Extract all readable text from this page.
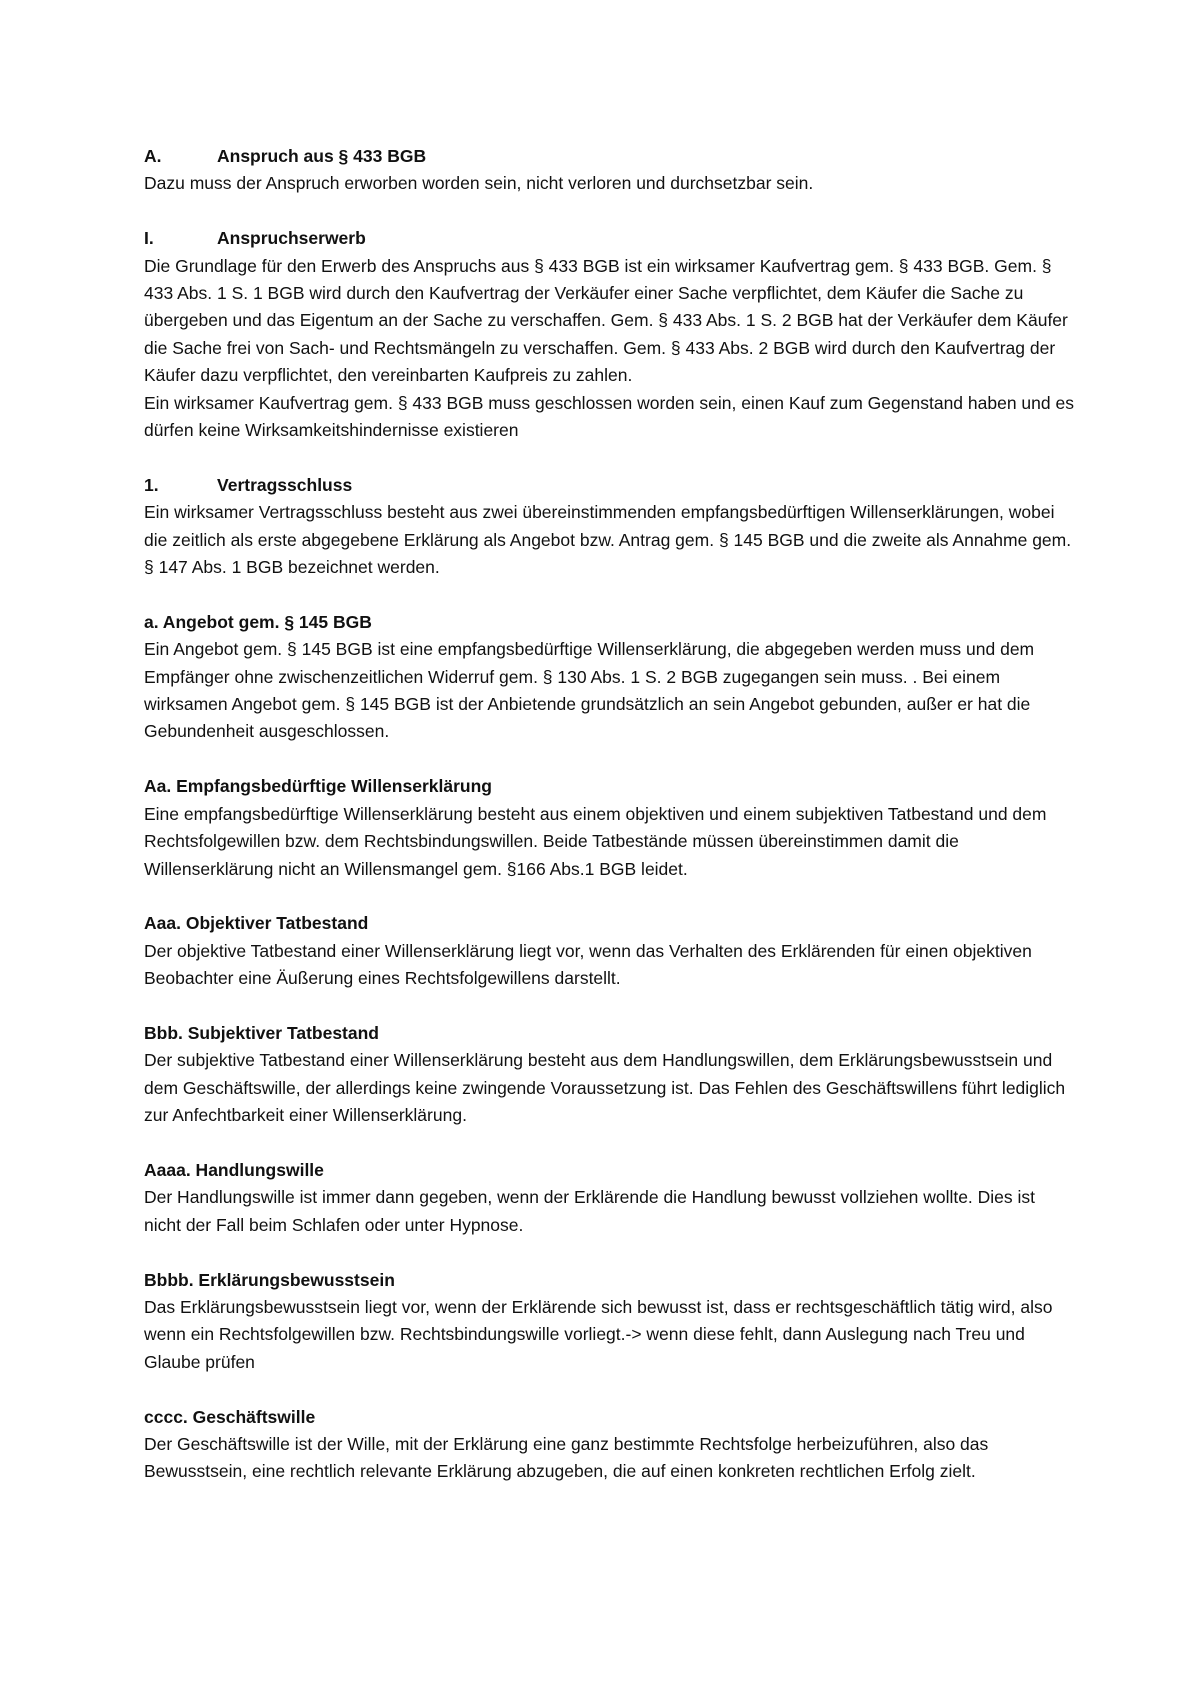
A.	Anspruch aus § 433 BGB

Dazu muss der Anspruch erworben worden sein, nicht verloren und durchsetzbar sein.

I.	Anspruchserwerb

Die Grundlage für den Erwerb des Anspruchs aus § 433 BGB ist ein wirksamer Kaufvertrag gem. § 433 BGB. Gem. § 433 Abs. 1 S. 1 BGB wird durch den Kaufvertrag der Verkäufer einer Sache verpflichtet, dem Käufer die Sache zu übergeben und das Eigentum an der Sache zu verschaffen. Gem. § 433 Abs. 1 S. 2 BGB hat der Verkäufer dem Käufer die Sache frei von Sach- und Rechtsmängeln zu verschaffen. Gem. § 433 Abs. 2 BGB wird durch den Kaufvertrag der Käufer dazu verpflichtet, den vereinbarten Kaufpreis zu zahlen.

Ein wirksamer Kaufvertrag gem. § 433 BGB muss geschlossen worden sein, einen Kauf zum Gegenstand haben und es dürfen keine Wirksamkeitshindernisse existieren

1.	Vertragsschluss

Ein wirksamer Vertragsschluss besteht aus zwei übereinstimmenden empfangsbedürftigen Willenserklärungen, wobei die zeitlich als erste abgegebene Erklärung als Angebot bzw. Antrag gem. § 145 BGB und die zweite als Annahme gem. § 147 Abs. 1 BGB bezeichnet werden.

a. Angebot gem. § 145 BGB

Ein Angebot gem. § 145 BGB ist eine empfangsbedürftige Willenserklärung, die abgegeben werden muss und dem Empfänger ohne zwischenzeitlichen Widerruf gem. § 130 Abs. 1 S. 2 BGB zugegangen sein muss. . Bei einem wirksamen Angebot gem. § 145 BGB ist der Anbietende grundsätzlich an sein Angebot gebunden, außer er hat die Gebundenheit ausgeschlossen.

Aa. Empfangsbedürftige Willenserklärung

Eine empfangsbedürftige Willenserklärung besteht aus einem objektiven und einem subjektiven Tatbestand und dem Rechtsfolgewillen bzw. dem Rechtsbindungswillen. Beide Tatbestände müssen übereinstimmen damit die Willenserklärung nicht an Willensmangel gem. §166 Abs.1 BGB leidet.

Aaa. Objektiver Tatbestand

Der objektive Tatbestand einer Willenserklärung liegt vor, wenn das Verhalten des Erklärenden für einen objektiven Beobachter eine Äußerung eines Rechtsfolgewillens darstellt.

Bbb. Subjektiver Tatbestand

Der subjektive Tatbestand einer Willenserklärung besteht aus dem Handlungswillen, dem Erklärungsbewusstsein und dem Geschäftswille, der allerdings keine zwingende Voraussetzung ist. Das Fehlen des Geschäftswillens führt lediglich zur Anfechtbarkeit einer Willenserklärung.

Aaaa. Handlungswille

Der Handlungswille ist immer dann gegeben, wenn der Erklärende die Handlung bewusst vollziehen wollte. Dies ist nicht der Fall beim Schlafen oder unter Hypnose.

Bbbb. Erklärungsbewusstsein

Das Erklärungsbewusstsein liegt vor, wenn der Erklärende sich bewusst ist, dass er rechtsgeschäftlich tätig wird, also wenn ein Rechtsfolgewillen bzw. Rechtsbindungswille vorliegt.-> wenn diese fehlt, dann Auslegung nach Treu und Glaube prüfen

cccc. Geschäftswille

Der Geschäftswille ist der Wille, mit der Erklärung eine ganz bestimmte Rechtsfolge herbeizuführen, also das Bewusstsein, eine rechtlich relevante Erklärung abzugeben, die auf einen konkreten rechtlichen Erfolg zielt.
